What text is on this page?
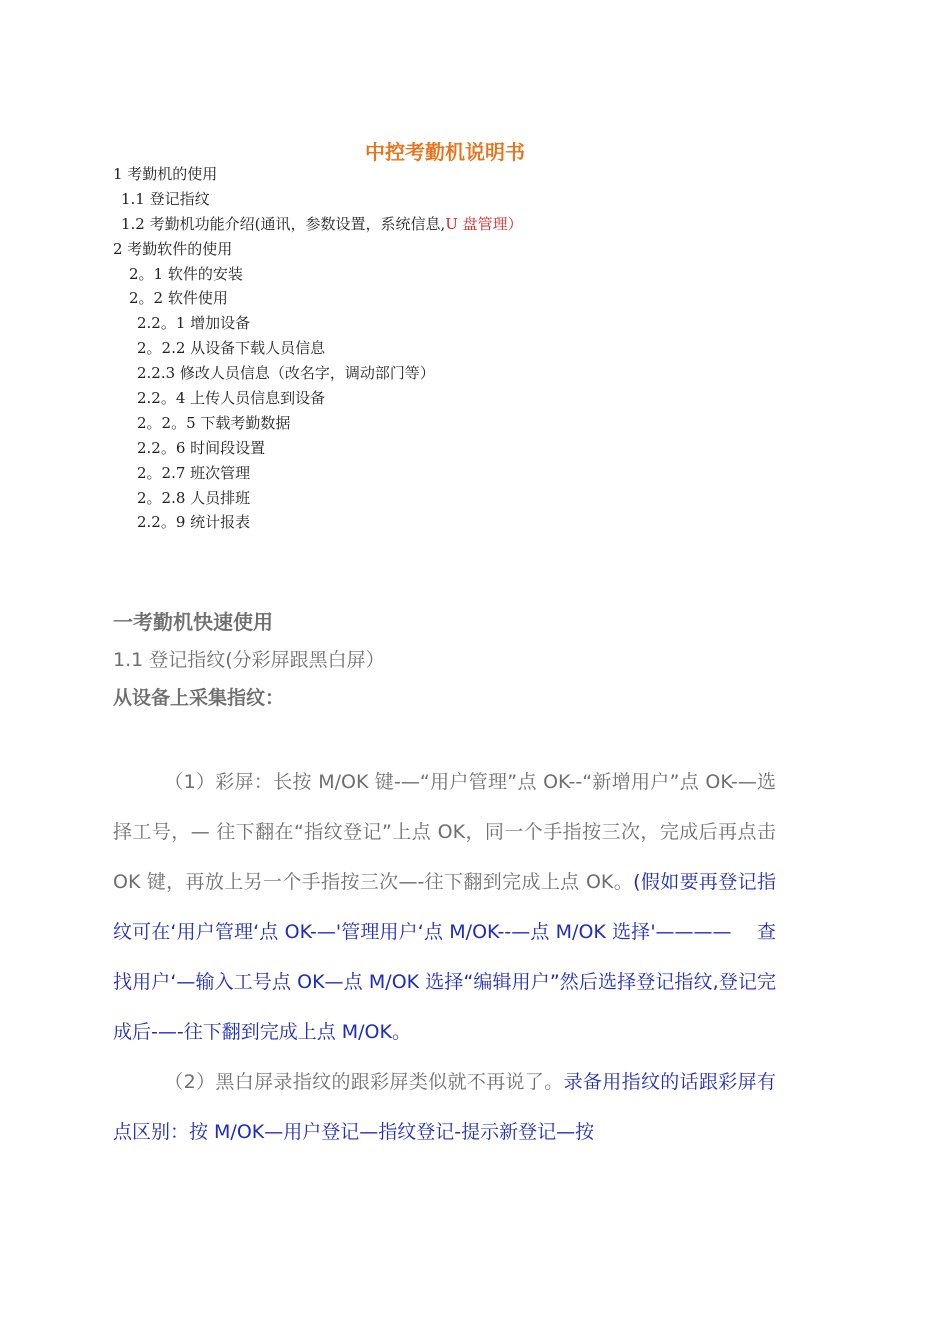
中控考勤机说明书
1 考勤机的使用
1.1 登记指纹
1.2 考勤机功能介绍(通讯，参数设置，系统信息,U 盘管理）
2 考勤软件的使用
2。1 软件的安装
2。2 软件使用
2.2。1 增加设备
2。2.2 从设备下载人员信息
2.2.3 修改人员信息（改名字，调动部门等）
2.2。4 上传人员信息到设备
2。2。5 下载考勤数据
2.2。6 时间段设置
2。2.7 班次管理
2。2.8 人员排班
2.2。9 统计报表
一考勤机快速使用
1.1 登记指纹(分彩屏跟黑白屏）
从设备上采集指纹：

（1）彩屏：长按 M/OK 键-—“用户管理”点 OK--“新增用户”点 OK-—选择工号，— 往下翻在“指纹登记”上点 OK，同一个手指按三次，完成后再点击 OK 键，再放上另一个手指按三次—-往下翻到完成上点 OK。(假如要再登记指纹可在‘用户管理‘点 OK-—'管理用户‘点 M/OK--—点 M/OK 选择'————　 查找用户‘—输入工号点 OK—点 M/OK 选择“编辑用户”然后选择登记指纹,登记完成后-—-往下翻到完成上点 M/OK。

（2）黑白屏录指纹的跟彩屏类似就不再说了。录备用指纹的话跟彩屏有点区别：按 M/OK—用户登记—指纹登记-提示新登记—按
